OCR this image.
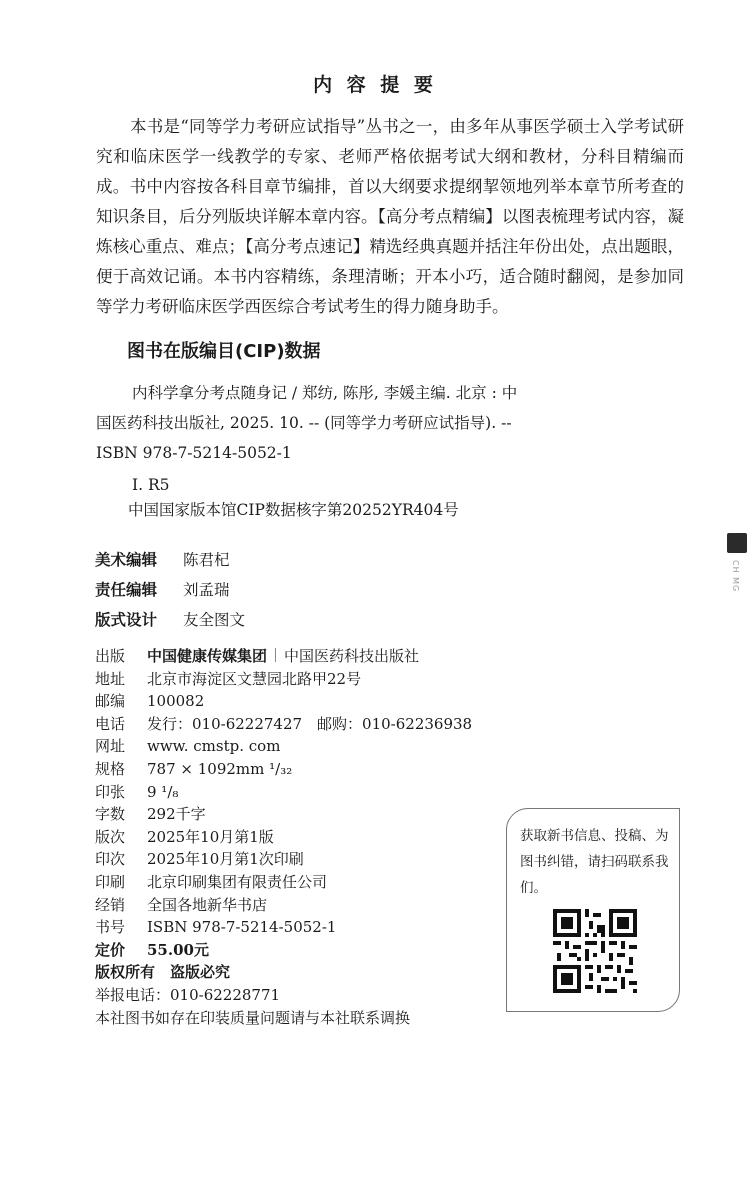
内 容 提 要
本书是“同等学力考研应试指导”丛书之一，由多年从事医学硕士入学考试研究和临床医学一线教学的专家、老师严格依据考试大纲和教材，分科目精编而成。书中内容按各科目章节编排，首以大纲要求提纲挈领地列举本章节所考查的知识条目，后分列版块详解本章内容。【高分考点精编】以图表梳理考试内容，凝炼核心重点、难点；【高分考点速记】精选经典真题并括注年份出处，点出题眼，便于高效记诵。本书内容精练，条理清晰；开本小巧，适合随时翻阅，是参加同等学力考研临床医学西医综合考试考生的得力随身助手。
图书在版编目(CIP)数据
内科学拿分考点随身记 / 郑纺, 陈彤, 李媛主编. 北京 : 中国医药科技出版社, 2025. 10. -- (同等学力考研应试指导). -- ISBN 978-7-5214-5052-1
Ⅰ. R5
中国国家版本馆CIP数据核字第20252YR404号
美术编辑 陈君杞
责任编辑 刘孟瑞
版式设计 友全图文
出版 中国健康传媒集团 中国医药科技出版社
地址 北京市海淀区文慧园北路甲22号
邮编 100082
电话 发行：010-62227427　邮购：010-62236938
网址 www. cmstp. com
规格 787 × 1092mm ¹/₃₂
印张 9 ¹/₈
字数 292千字
版次 2025年10月第1版
印次 2025年10月第1次印刷
印刷 北京印刷集团有限责任公司
经销 全国各地新华书店
书号 ISBN 978-7-5214-5052-1
定价 55.00元
版权所有　盗版必究
举报电话：010-62228771
本社图书如存在印装质量问题请与本社联系调换
获取新书信息、投稿、为图书纠错，请扫码联系我们。
CH MG
